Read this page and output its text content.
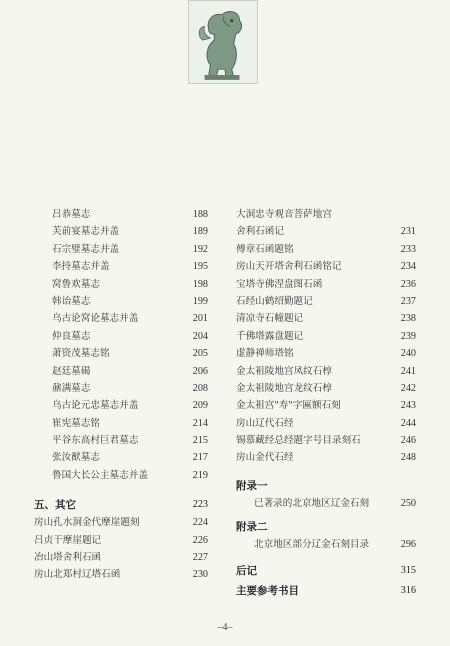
吕恭墓志	188
芙前宴墓志并盖	189
石宗璧墓志并盖	192
李持墓志并盖	195
窝鲁欢墓志	198
韩诒墓志	199
乌古论窝论墓志并盖	201
仲良墓志	204
萧资茂墓志铭	205
赵廷墓碣	206
鼐满墓志	208
乌古论元忠墓志并盖	209
崔宪墓志铭	214
平谷东高村巨君墓志	215
张汝猷墓志	217
鲁国大长公主墓志并盖	219
五、其它	223
房山孔水洞金代摩崖题刻	224
吕贞干摩崖题记	226
冶山塔舍利石函	227
房山北郑村辽塔石函	230
大洞忠寺观音菩萨地宫
舍利石函记	231
傅章石函题铭	233
房山天开塔舍利石函铭记	234
宝塔寺佛涅盘图石函	236
石经山鹤绍勤题记	237
清凉寺石幢题记	238
千佛塔露盘题记	239
虚静禅师塔铭	240
金太祖陵地宫凤纹石椁	241
金太祖陵地宫龙纹石椁	242
金太祖宫"寿"字匾额石刻	243
房山辽代石经	244
锡慕藏经总经题字号目录刻石	246
房山金代石经	248
附录一
已著录的北京地区辽金石刻	250
附录二
北京地区部分辽金石刻目录	296
后记	315
主要参考书目	316
–4–
